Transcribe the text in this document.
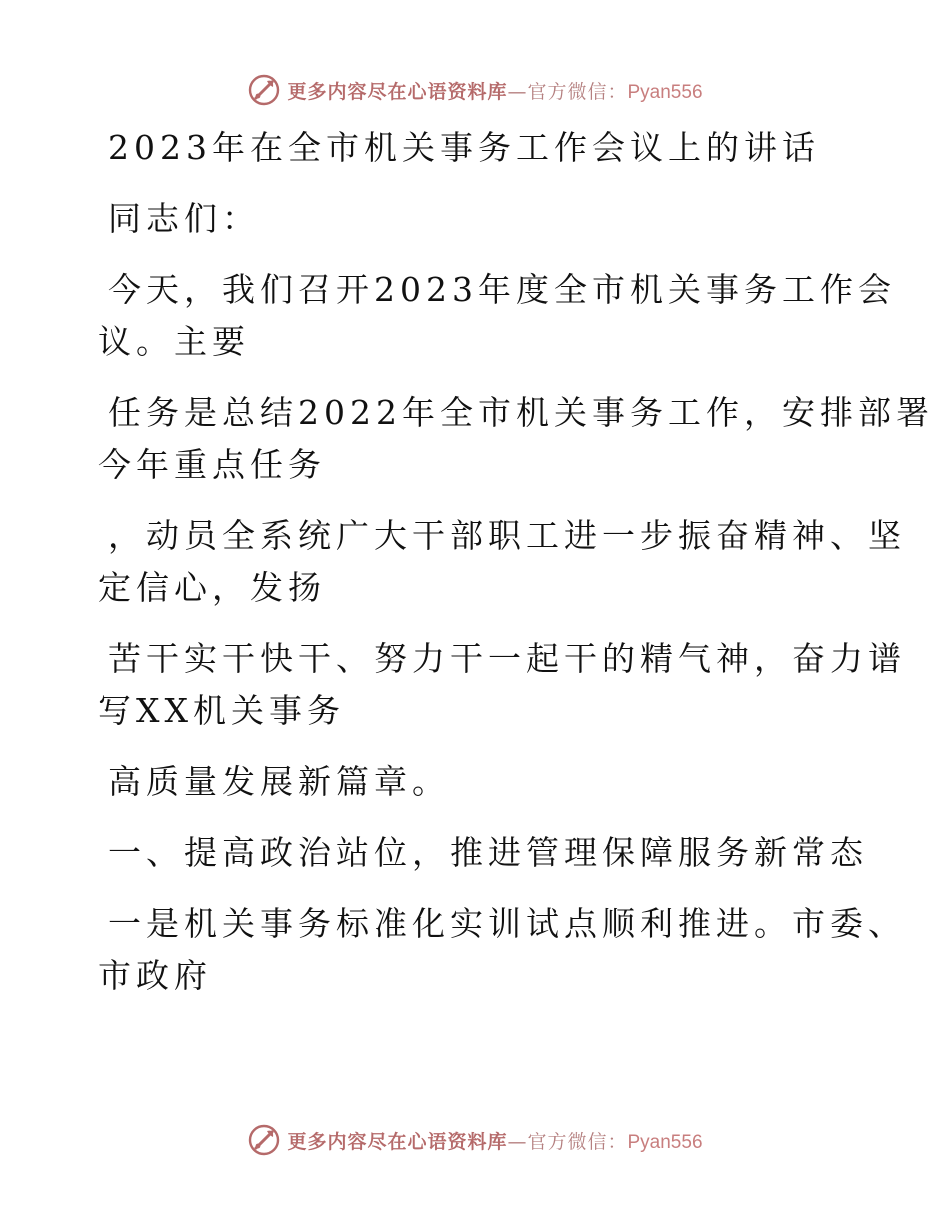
更多内容尽在心语资料库—官方微信：Pyan556

2023年在全市机关事务工作会议上的讲话

同志们：

今天，我们召开2023年度全市机关事务工作会

议。主要

任务是总结2022年全市机关事务工作，安排部署

今年重点任务

，动员全系统广大干部职工进一步振奋精神、坚

定信心，发扬

苦干实干快干、努力干一起干的精气神，奋力谱

写XX机关事务

高质量发展新篇章。

一、提高政治站位，推进管理保障服务新常态

一是机关事务标准化实训试点顺利推进。市委、

市政府

更多内容尽在心语资料库—官方微信：Pyan556
